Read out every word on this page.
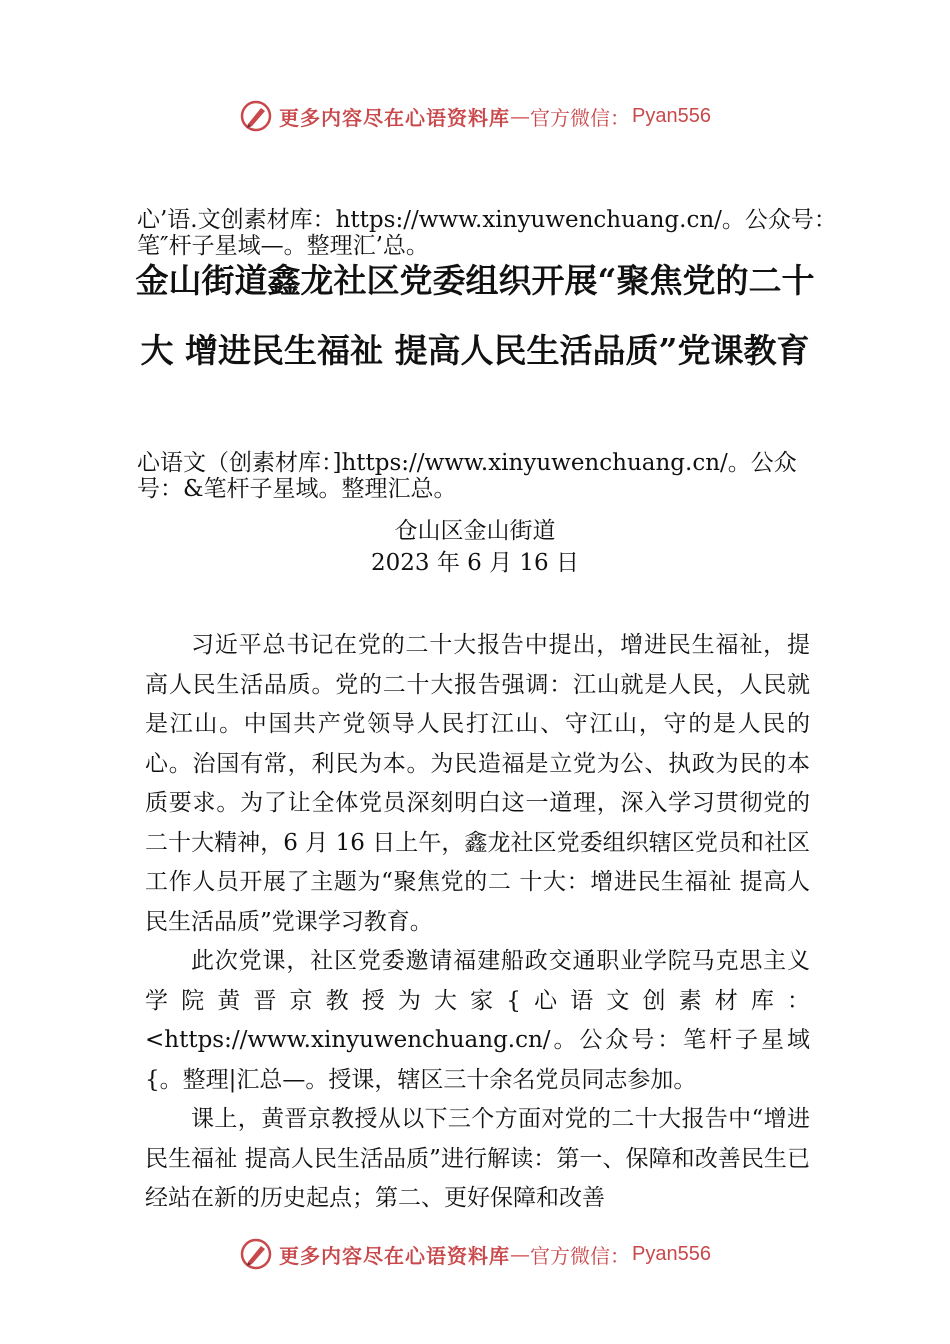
更多内容尽在心语资料库 — 官方微信： Pyan556
心’语.文创素材库：https://www.xinyuwenchuang.cn/。公众号：笔″杆子星域—。整理汇’总。
金山街道鑫龙社区党委组织开展“聚焦党的二十大 增进民生福祉 提高人民生活品质”党课教育
心语文（创素材库：]https://www.xinyuwenchuang.cn/。公众号：&笔杆子星域。整理汇总。
仓山区金山街道
2023 年 6 月 16 日
习近平总书记在党的二十大报告中提出，增进民生福祉，提高人民生活品质。党的二十大报告强调：江山就是人民，人民就是江山。中国共产党领导人民打江山、守江山，守的是人民的心。治国有常，利民为本。为民造福是立党为公、执政为民的本质要求。为了让全体党员深刻明白这一道理，深入学习贯彻党的二十大精神，6 月 16 日上午，鑫龙社区党委组织辖区党员和社区工作人员开展了主题为“聚焦党的二 十大：增进民生福祉 提高人民生活品质”党课学习教育。
此次党课，社区党委邀请福建船政交通职业学院马克思主义学院黄晋京教授为大家{心语文创素材库：<https://www.xinyuwenchuang.cn/。公众号：笔杆子星域{。整理|汇总—。授课，辖区三十余名党员同志参加。
课上，黄晋京教授从以下三个方面对党的二十大报告中“增进民生福祉 提高人民生活品质”进行解读：第一、保障和改善民生已经站在新的历史起点；第二、更好保障和改善
更多内容尽在心语资料库 — 官方微信： Pyan556
